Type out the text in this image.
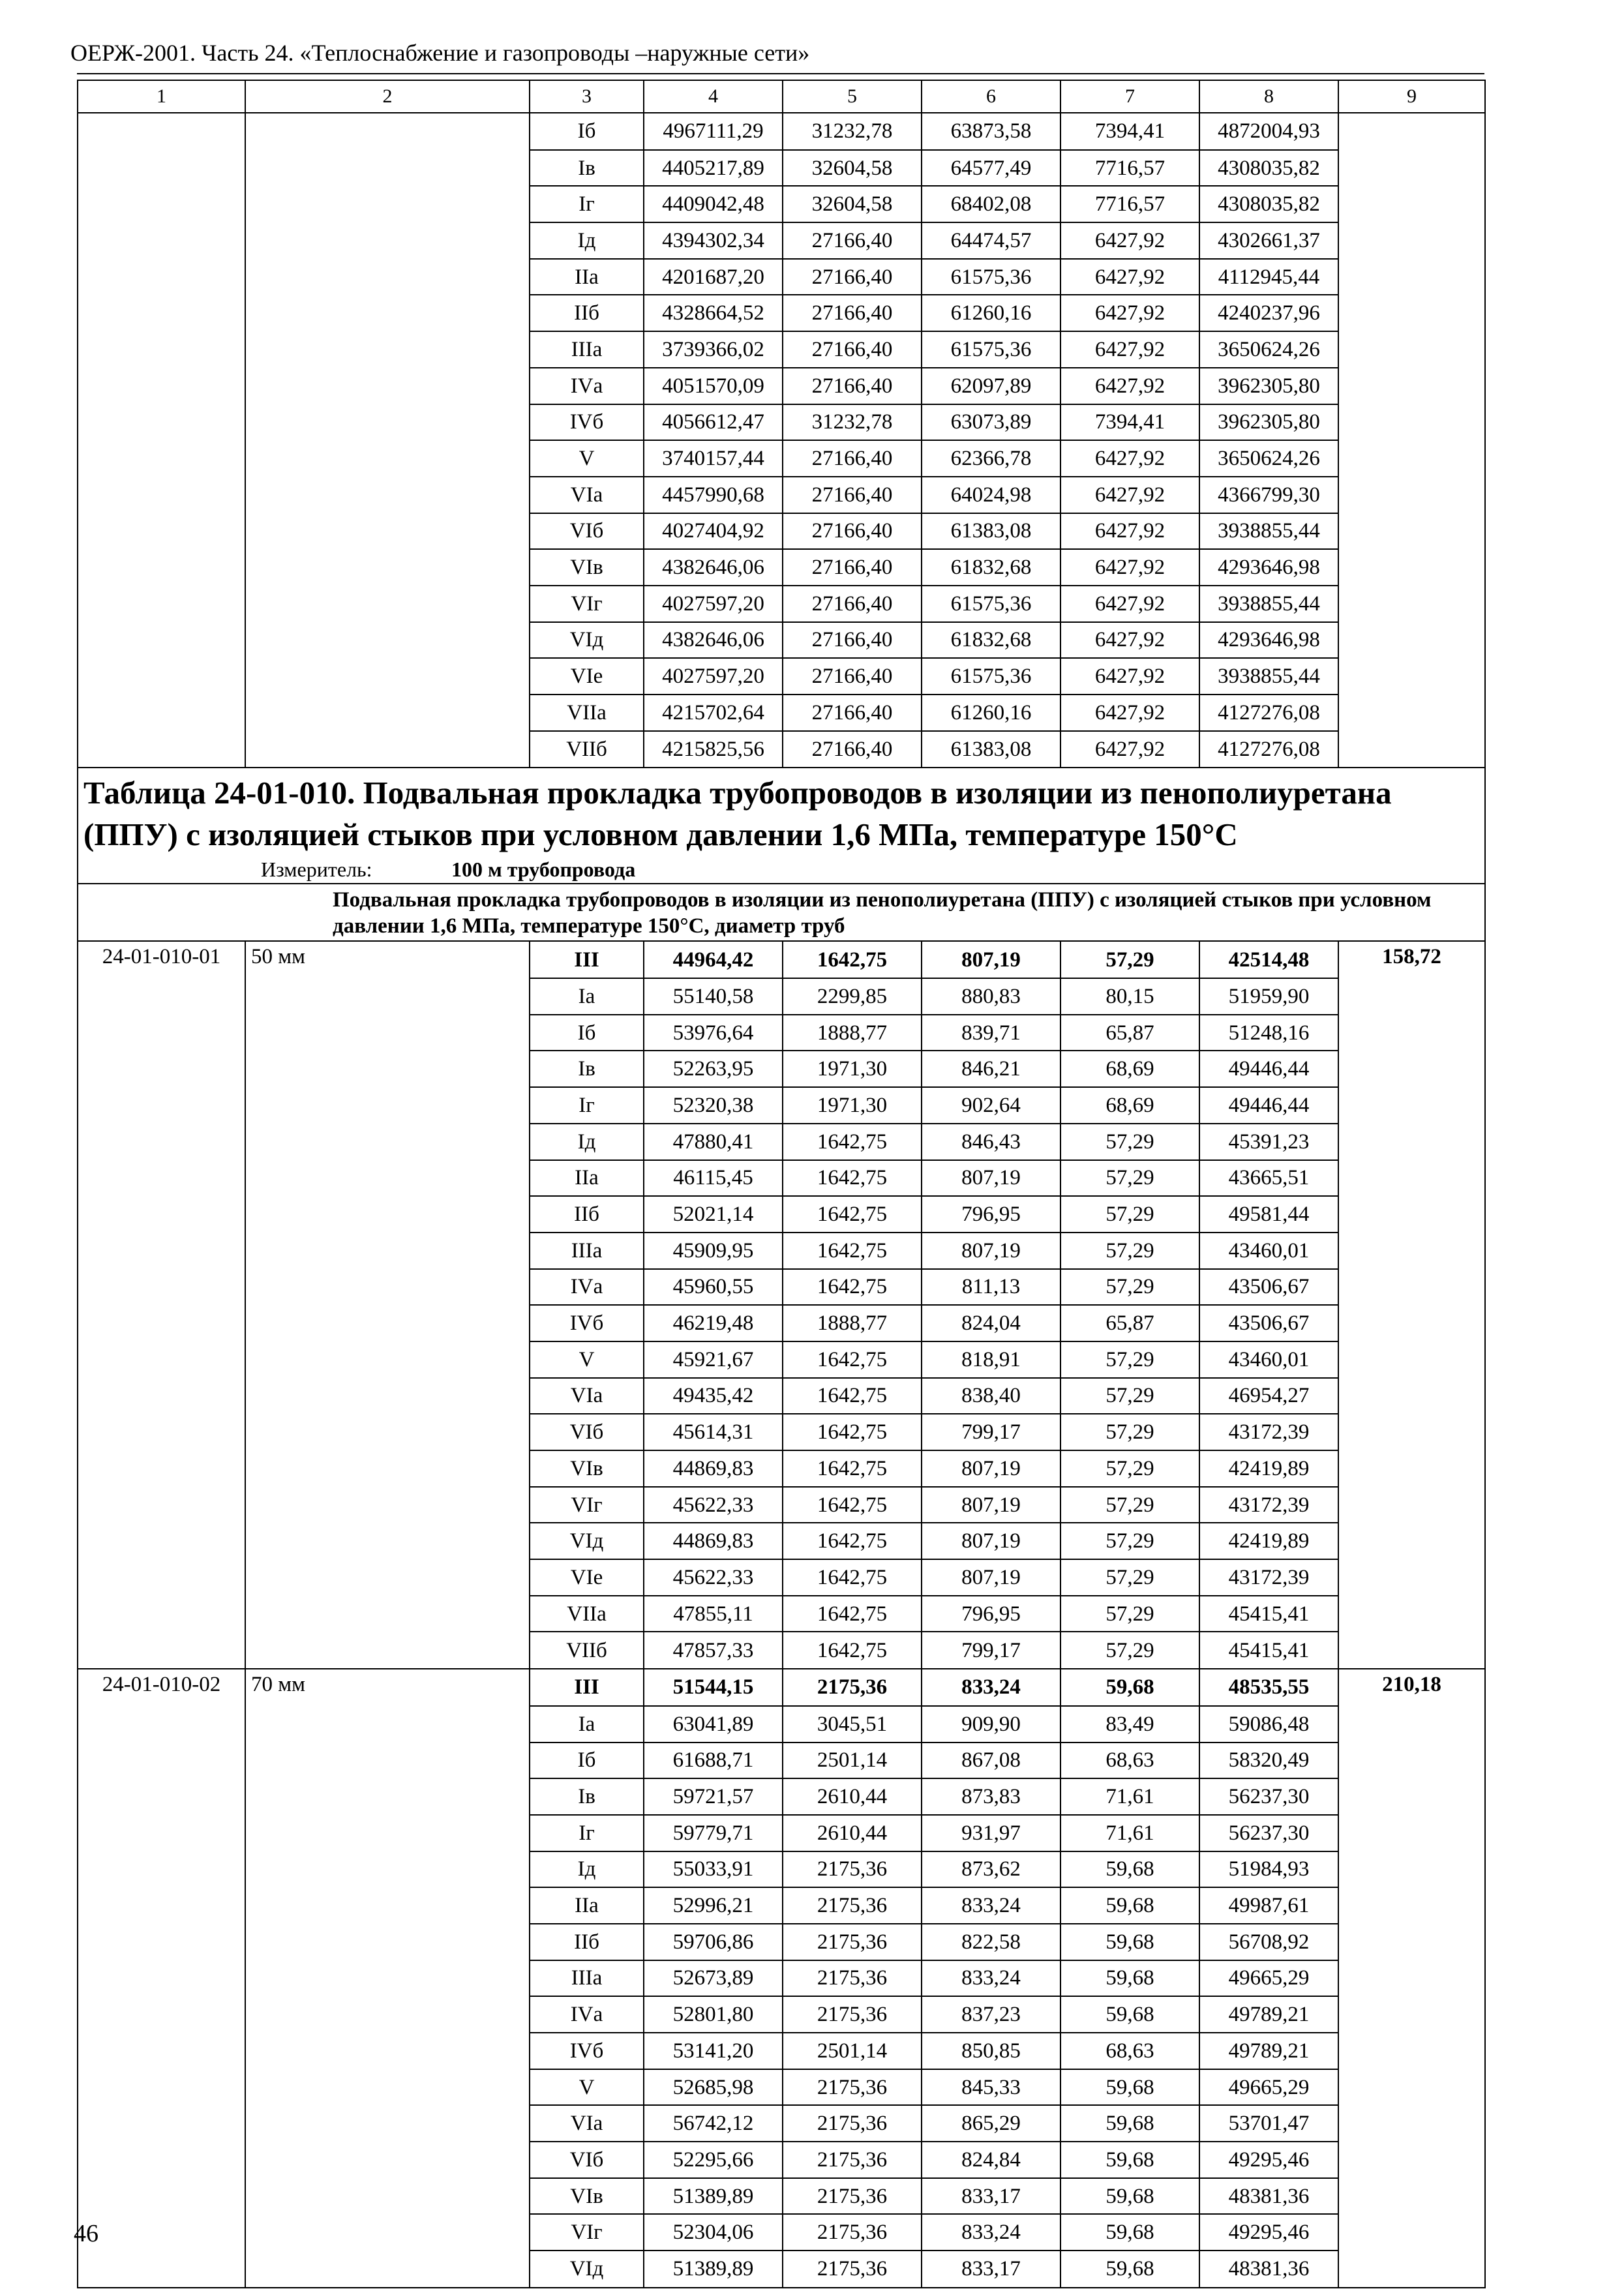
ОЕРЖ-2001. Часть 24. «Теплоснабжение и газопроводы –наружные сети»
1	2	3	4	5	6	7	8	9
		Iб	4967111,29	31232,78	63873,58	7394,41	4872004,93	
		Iв	4405217,89	32604,58	64577,49	7716,57	4308035,82	
		Iг	4409042,48	32604,58	68402,08	7716,57	4308035,82	
		Iд	4394302,34	27166,40	64474,57	6427,92	4302661,37	
		IIа	4201687,20	27166,40	61575,36	6427,92	4112945,44	
		IIб	4328664,52	27166,40	61260,16	6427,92	4240237,96	
		IIIа	3739366,02	27166,40	61575,36	6427,92	3650624,26	
		IVа	4051570,09	27166,40	62097,89	6427,92	3962305,80	
		IVб	4056612,47	31232,78	63073,89	7394,41	3962305,80	
		V	3740157,44	27166,40	62366,78	6427,92	3650624,26	
		VIа	4457990,68	27166,40	64024,98	6427,92	4366799,30	
		VIб	4027404,92	27166,40	61383,08	6427,92	3938855,44	
		VIв	4382646,06	27166,40	61832,68	6427,92	4293646,98	
		VIг	4027597,20	27166,40	61575,36	6427,92	3938855,44	
		VIд	4382646,06	27166,40	61832,68	6427,92	4293646,98	
		VIе	4027597,20	27166,40	61575,36	6427,92	3938855,44	
		VIIа	4215702,64	27166,40	61260,16	6427,92	4127276,08	
		VIIб	4215825,56	27166,40	61383,08	6427,92	4127276,08	

Таблица 24-01-010. Подвальная прокладка трубопроводов в изоляции из пенополиуретана (ППУ) с изоляцией стыков при условном давлении 1,6 МПа, температуре 150°С
Измеритель: 100 м трубопровода								

Подвальная прокладка трубопроводов в изоляции из пенополиуретана (ППУ) с изоляцией стыков при условном давлении 1,6 МПа, температуре 150°С, диаметр труб								
24-01-010-01	50 мм	III	44964,42	1642,75	807,19	57,29	42514,48	158,72
		Iа	55140,58	2299,85	880,83	80,15	51959,90	
		Iб	53976,64	1888,77	839,71	65,87	51248,16	
		Iв	52263,95	1971,30	846,21	68,69	49446,44	
		Iг	52320,38	1971,30	902,64	68,69	49446,44	
		Iд	47880,41	1642,75	846,43	57,29	45391,23	
		IIа	46115,45	1642,75	807,19	57,29	43665,51	
		IIб	52021,14	1642,75	796,95	57,29	49581,44	
		IIIа	45909,95	1642,75	807,19	57,29	43460,01	
		IVа	45960,55	1642,75	811,13	57,29	43506,67	
		IVб	46219,48	1888,77	824,04	65,87	43506,67	
		V	45921,67	1642,75	818,91	57,29	43460,01	
		VIа	49435,42	1642,75	838,40	57,29	46954,27	
		VIб	45614,31	1642,75	799,17	57,29	43172,39	
		VIв	44869,83	1642,75	807,19	57,29	42419,89	
		VIг	45622,33	1642,75	807,19	57,29	43172,39	
		VIд	44869,83	1642,75	807,19	57,29	42419,89	
		VIе	45622,33	1642,75	807,19	57,29	43172,39	
		VIIа	47855,11	1642,75	796,95	57,29	45415,41	
		VIIб	47857,33	1642,75	799,17	57,29	45415,41	
24-01-010-02	70 мм	III	51544,15	2175,36	833,24	59,68	48535,55	210,18
		Iа	63041,89	3045,51	909,90	83,49	59086,48	
		Iб	61688,71	2501,14	867,08	68,63	58320,49	
		Iв	59721,57	2610,44	873,83	71,61	56237,30	
		Iг	59779,71	2610,44	931,97	71,61	56237,30	
		Iд	55033,91	2175,36	873,62	59,68	51984,93	
		IIа	52996,21	2175,36	833,24	59,68	49987,61	
		IIб	59706,86	2175,36	822,58	59,68	56708,92	
		IIIа	52673,89	2175,36	833,24	59,68	49665,29	
		IVа	52801,80	2175,36	837,23	59,68	49789,21	
		IVб	53141,20	2501,14	850,85	68,63	49789,21	
		V	52685,98	2175,36	845,33	59,68	49665,29	
		VIа	56742,12	2175,36	865,29	59,68	53701,47	
		VIб	52295,66	2175,36	824,84	59,68	49295,46	
		VIв	51389,89	2175,36	833,17	59,68	48381,36	
		VIг	52304,06	2175,36	833,24	59,68	49295,46	
		VIд	51389,89	2175,36	833,17	59,68	48381,36	
46
